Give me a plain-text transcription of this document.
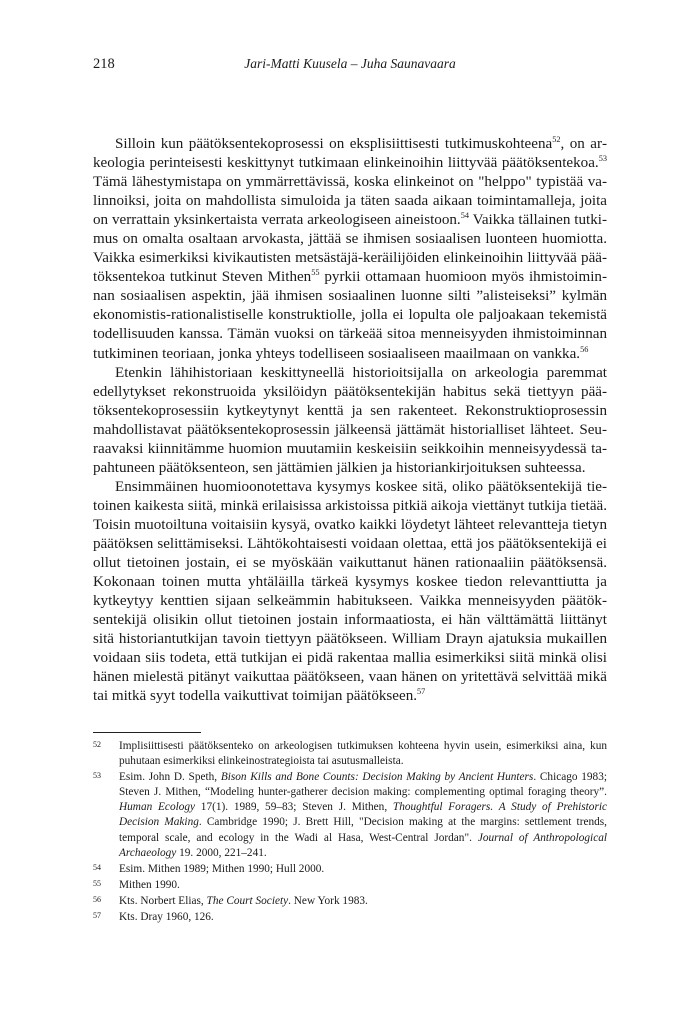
218	Jari-Matti Kuusela – Juha Saunavaara

Silloin kun päätöksentekoprosessi on eksplisiittisesti tutkimuskohteena$^{52}$, on arkeologia perinteisesti keskittynyt tutkimaan elinkeinoihin liittyvää päätöksentekoa.$^{53}$ Tämä lähestymistapa on ymmärrettävissä, koska elinkeinot on "helppo" typistää valinnoiksi, joita on mahdollista simuloida ja täten saada aikaan toimintamalleja, joita on verrattain yksinkertaista verrata arkeologiseen aineistoon.$^{54}$ Vaikka tällainen tutkimus on omalta osaltaan arvokasta, jättää se ihmisen sosiaalisen luonteen huomiotta. Vaikka esimerkiksi kivikautisten metsästäjä-keräilijöiden elinkeinoihin liittyvää päätöksentekoa tutkinut Steven Mithen$^{55}$ pyrkii ottamaan huomioon myös ihmistoiminnan sosiaalisen aspektin, jää ihmisen sosiaalinen luonne silti ”alisteiseksi” kylmän ekonomistis-rationalistiselle konstruktiolle, jolla ei lopulta ole paljoakaan tekemistä todellisuuden kanssa. Tämän vuoksi on tärkeää sitoa menneisyyden ihmistoiminnan tutkiminen teoriaan, jonka yhteys todelliseen sosiaaliseen maailmaan on vankka.$^{56}$

Etenkin lähihistoriaan keskittyneellä historioitsijalla on arkeologia paremmat edellytykset rekonstruoida yksilöidyn päätöksentekijän habitus sekä tiettyyn päätöksentekoprosessiin kytkeytynyt kenttä ja sen rakenteet. Rekonstruktioprosessin mahdollistavat päätöksentekoprosessin jälkeensä jättämät historialliset lähteet. Seuraavaksi kiinnitämme huomion muutamiin keskeisiin seikkoihin menneisyydessä tapahtuneen päätöksenteon, sen jättämien jälkien ja historiankirjoituksen suhteessa.

Ensimmäinen huomioonotettava kysymys koskee sitä, oliko päätöksentekijä tietoinen kaikesta siitä, minkä erilaisissa arkistoissa pitkiä aikoja viettänyt tutkija tietää. Toisin muotoiltuna voitaisiin kysyä, ovatko kaikki löydetyt lähteet relevantteja tietyn päätöksen selittämiseksi. Lähtökohtaisesti voidaan olettaa, että jos päätöksentekijä ei ollut tietoinen jostain, ei se myöskään vaikuttanut hänen rationaaliin päätöksensä. Kokonaan toinen mutta yhtäläilla tärkeä kysymys koskee tiedon relevanttiutta ja kytkeytyy kenttien sijaan selkeämmin habitukseen. Vaikka menneisyyden päätöksentekijä olisikin ollut tietoinen jostain informaatiosta, ei hän välttämättä liittänyt sitä historiantutkijan tavoin tiettyyn päätökseen. William Drayn ajatuksia mukaillen voidaan siis todeta, että tutkijan ei pidä rakentaa mallia esimerkiksi siitä minkä olisi hänen mielestä pitänyt vaikuttaa päätökseen, vaan hänen on yritettävä selvittää mikä tai mitkä syyt todella vaikuttivat toimijan päätökseen.$^{57}$

52 Implisiittisesti päätöksenteko on arkeologisen tutkimuksen kohteena hyvin usein, esimerkiksi aina, kun puhutaan esimerkiksi elinkeinostrategioista tai asutusmalleista.
53 Esim. John D. Speth, Bison Kills and Bone Counts: Decision Making by Ancient Hunters. Chicago 1983; Steven J. Mithen, “Modeling hunter-gatherer decision making: complementing optimal foraging theory”. Human Ecology 17(1). 1989, 59–83; Steven J. Mithen, Thoughtful Foragers. A Study of Prehistoric Decision Making. Cambridge 1990; J. Brett Hill, "Decision making at the margins: settlement trends, temporal scale, and ecology in the Wadi al Hasa, West-Central Jordan". Journal of Anthropological Archaeology 19. 2000, 221–241.
54 Esim. Mithen 1989; Mithen 1990; Hull 2000.
55 Mithen 1990.
56 Kts. Norbert Elias, The Court Society. New York 1983.
57 Kts. Dray 1960, 126.
